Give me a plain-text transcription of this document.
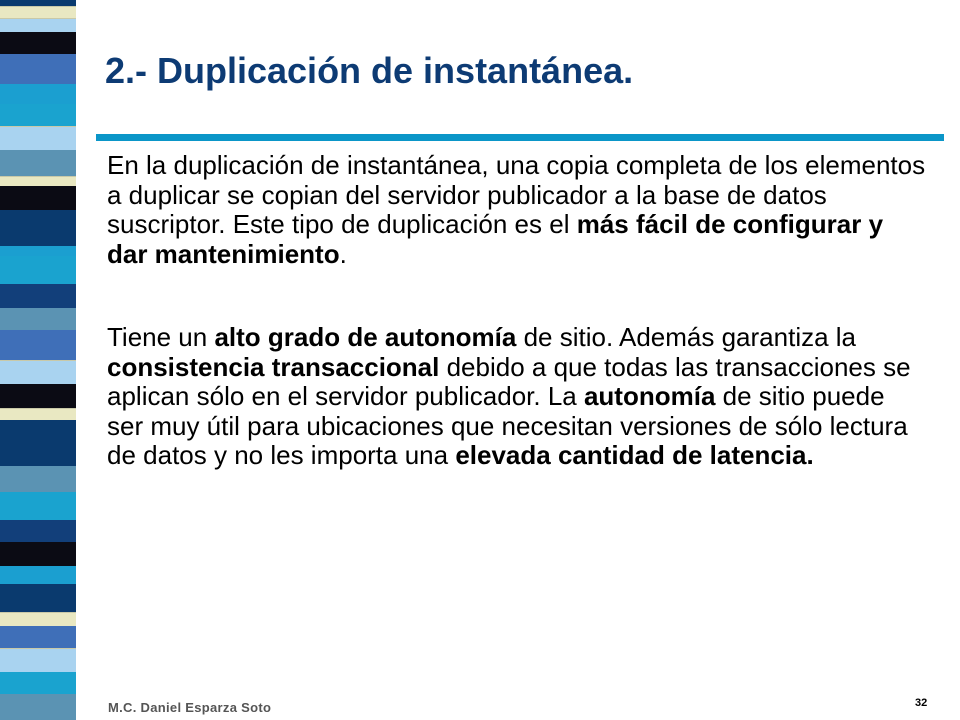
2.- Duplicación de instantánea.

En la duplicación de instantánea, una copia completa de los elementos a duplicar se copian del servidor publicador a la base de datos suscriptor. Este tipo de duplicación es el más fácil de configurar y dar mantenimiento.

Tiene un alto grado de autonomía de sitio. Además garantiza la consistencia transaccional debido a que todas las transacciones se aplican sólo en el servidor publicador. La autonomía de sitio puede ser muy útil para ubicaciones que necesitan versiones de sólo lectura de datos y no les importa una elevada cantidad de latencia.

M.C. Daniel Esparza Soto	32
